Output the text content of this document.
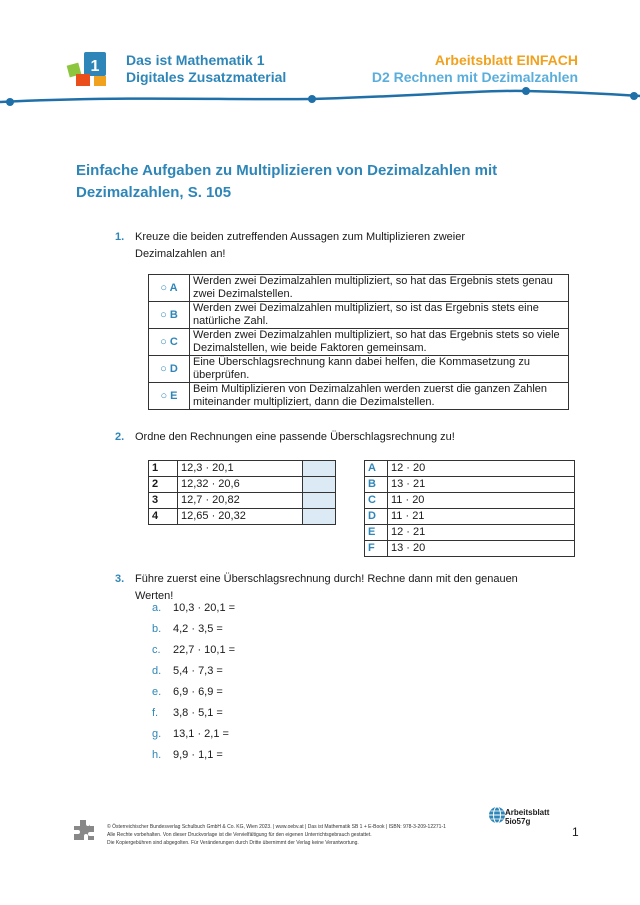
1 Das ist Mathematik 1
Digitales Zusatzmaterial
Arbeitsblatt EINFACH
D2 Rechnen mit Dezimalzahlen
Einfache Aufgaben zu Multiplizieren von Dezimalzahlen mit Dezimalzahlen, S. 105
1. Kreuze die beiden zutreffenden Aussagen zum Multiplizieren zweier Dezimalzahlen an!
○ A	Werden zwei Dezimalzahlen multipliziert, so hat das Ergebnis stets genau zwei Dezimalstellen.
○ B	Werden zwei Dezimalzahlen multipliziert, so ist das Ergebnis stets eine natürliche Zahl.
○ C	Werden zwei Dezimalzahlen multipliziert, so hat das Ergebnis stets so viele Dezimalstellen, wie beide Faktoren gemeinsam.
○ D	Eine Überschlagsrechnung kann dabei helfen, die Kommasetzung zu überprüfen.
○ E	Beim Multiplizieren von Dezimalzahlen werden zuerst die ganzen Zahlen miteinander multipliziert, dann die Dezimalstellen.
2. Ordne den Rechnungen eine passende Überschlagsrechnung zu!
1	12,3 · 20,1	
2	12,32 · 20,6	
3	12,7 · 20,82	
4	12,65 · 20,32	
A	12 · 20
B	13 · 21
C	11 · 20
D	11 · 21
E	12 · 21
F	13 · 20
3. Führe zuerst eine Überschlagsrechnung durch! Rechne dann mit den genauen Werten!
a. 10,3 · 20,1 =
b. 4,2 · 3,5 =
c. 22,7 · 10,1 =
d. 5,4 · 7,3 =
e. 6,9 · 6,9 =
f. 3,8 · 5,1 =
g. 13,1 · 2,1 =
h. 9,9 · 1,1 =
© Österreichischer Bundesverlag Schulbuch GmbH & Co. KG, Wien 2023. | www.oebv.at | Das ist Mathematik SB 1 + E-Book | ISBN: 978-3-209-12271-1
Alle Rechte vorbehalten. Von dieser Druckvorlage ist die Vervielfältigung für den eigenen Unterrichtsgebrauch gestattet.
Die Kopiergebühren sind abgegolten. Für Veränderungen durch Dritte übernimmt der Verlag keine Verantwortung.
Arbeitsblatt
5io57g
1
